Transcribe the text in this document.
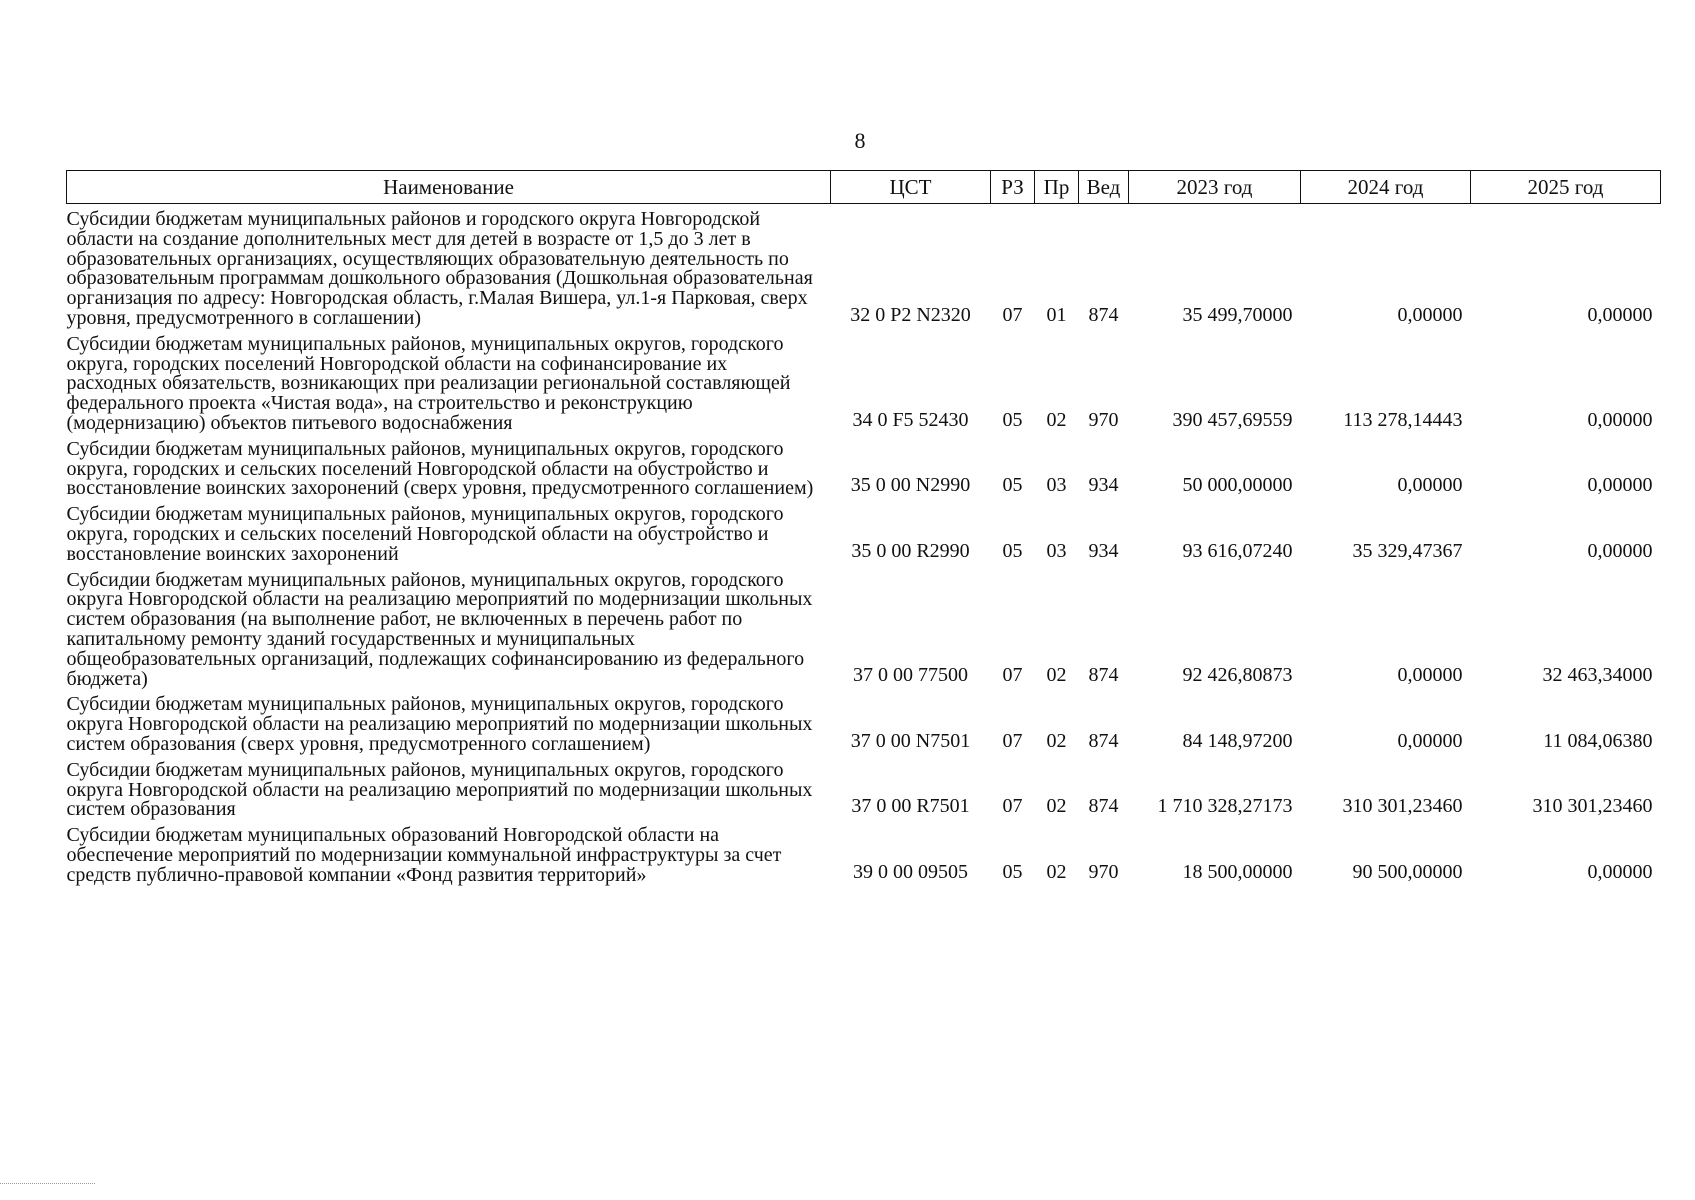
8
Наименование	ЦСТ	РЗ	Пр	Вед	2023 год	2024 год	2025 год
Субсидии бюджетам муниципальных районов и городского округа Новгородской области на создание дополнительных мест для детей в возрасте от 1,5 до 3 лет в образовательных организациях, осуществляющих образовательную деятельность по образовательным программам дошкольного образования (Дошкольная образовательная организация по адресу: Новгородская область, г.Малая Вишера, ул.1-я Парковая, сверх уровня, предусмотренного в соглашении)	32 0 P2 N2320	07	01	874	35 499,70000	0,00000	0,00000
Субсидии бюджетам муниципальных районов, муниципальных округов, городского округа, городских поселений Новгородской области на софинансирование их расходных обязательств, возникающих при реализации региональной составляющей федерального проекта «Чистая вода», на строительство и реконструкцию (модернизацию) объектов питьевого водоснабжения	34 0 F5 52430	05	02	970	390 457,69559	113 278,14443	0,00000
Субсидии бюджетам муниципальных районов, муниципальных округов, городского округа, городских и сельских поселений Новгородской области на обустройство и восстановление воинских захоронений (сверх уровня, предусмотренного соглашением)	35 0 00 N2990	05	03	934	50 000,00000	0,00000	0,00000
Субсидии бюджетам муниципальных районов, муниципальных округов, городского округа, городских и сельских поселений Новгородской области на обустройство и восстановление воинских захоронений	35 0 00 R2990	05	03	934	93 616,07240	35 329,47367	0,00000
Субсидии бюджетам муниципальных районов, муниципальных округов, городского округа Новгородской области на реализацию мероприятий по модернизации школьных систем образования (на выполнение работ, не включенных в перечень работ по капитальному ремонту зданий государственных и муниципальных общеобразовательных организаций, подлежащих софинансированию из федерального бюджета)	37 0 00 77500	07	02	874	92 426,80873	0,00000	32 463,34000
Субсидии бюджетам муниципальных районов, муниципальных округов, городского округа Новгородской области на реализацию мероприятий по модернизации школьных систем образования (сверх уровня, предусмотренного соглашением)	37 0 00 N7501	07	02	874	84 148,97200	0,00000	11 084,06380
Субсидии бюджетам муниципальных районов, муниципальных округов, городского округа Новгородской области на реализацию мероприятий по модернизации школьных систем образования	37 0 00 R7501	07	02	874	1 710 328,27173	310 301,23460	310 301,23460
Субсидии бюджетам муниципальных образований Новгородской области на обеспечение мероприятий по модернизации коммунальной инфраструктуры за счет средств публично-правовой компании «Фонд развития территорий»	39 0 00 09505	05	02	970	18 500,00000	90 500,00000	0,00000
